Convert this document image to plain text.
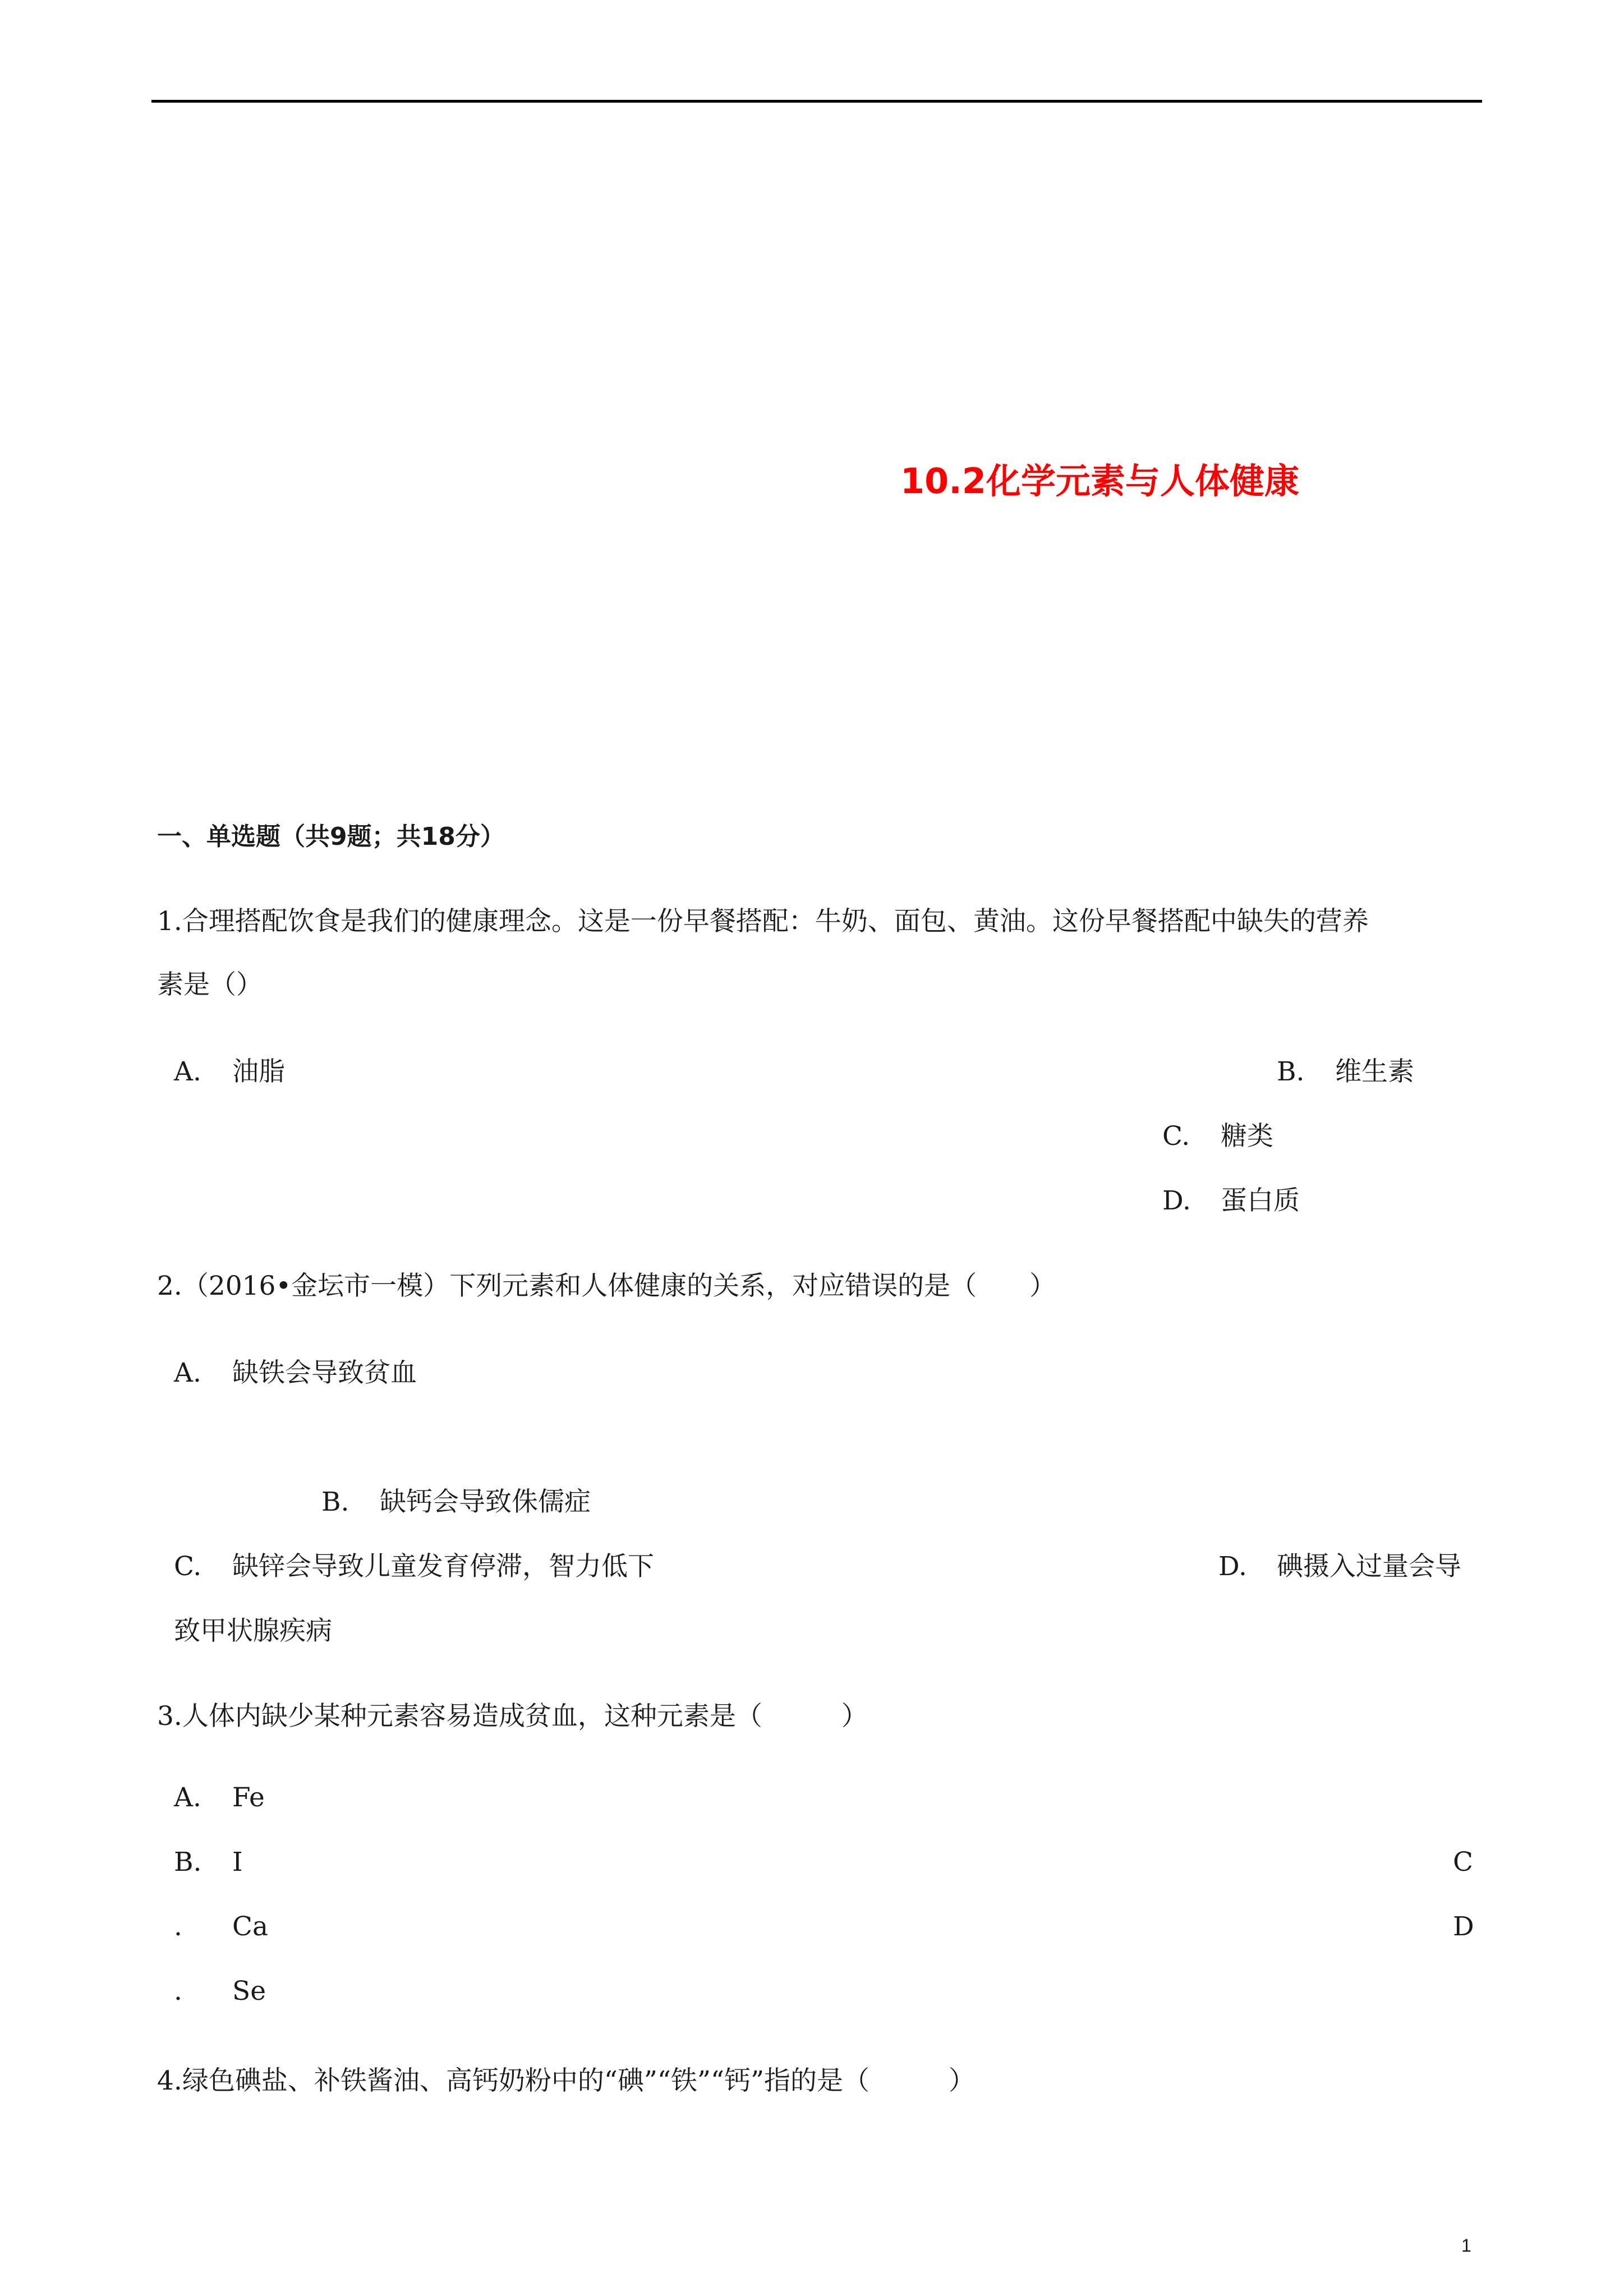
10.2化学元素与人体健康
一、单选题（共9题；共18分）
1.合理搭配饮食是我们的健康理念。这是一份早餐搭配：牛奶、面包、黄油。这份早餐搭配中缺失的营养
素是（）
A. 油脂	B. 维生素
C. 糖类
D. 蛋白质
2.（2016•金坛市一模）下列元素和人体健康的关系，对应错误的是（　　）
A. 缺铁会导致贫血
B. 缺钙会导致侏儒症
C. 缺锌会导致儿童发育停滞，智力低下	D. 碘摄入过量会导
致甲状腺疾病
3.人体内缺少某种元素容易造成贫血，这种元素是（　　　）
A. Fe
B. I	C
. Ca	D
. Se
4.绿色碘盐、补铁酱油、高钙奶粉中的“碘”“铁”“钙”指的是（　　　）
1
